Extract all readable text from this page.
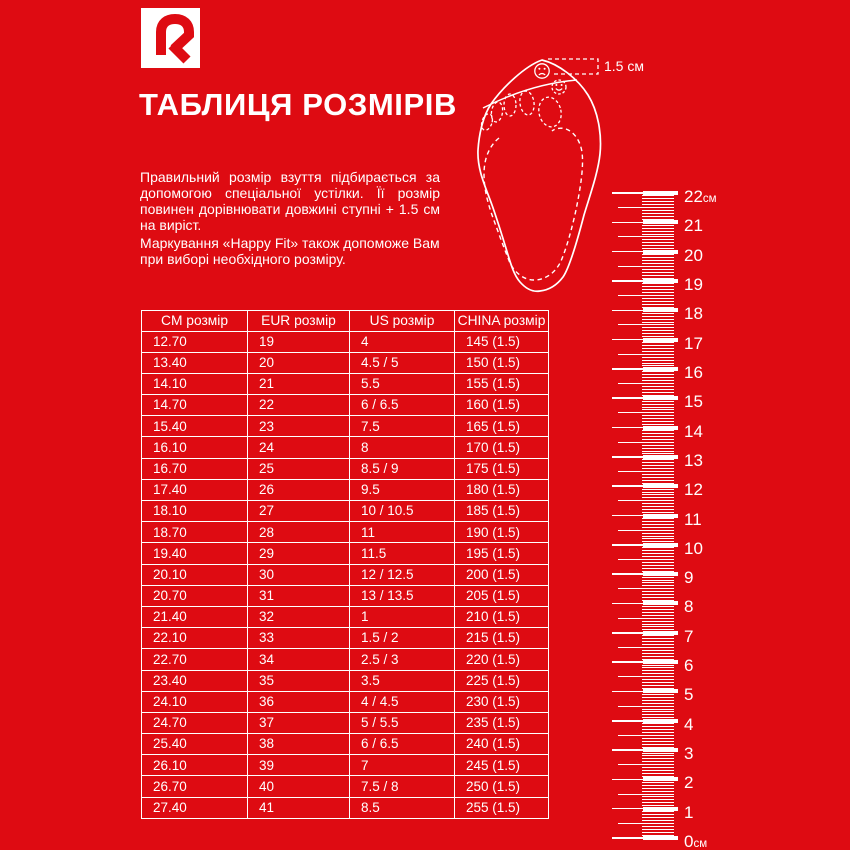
ТАБЛИЦЯ РОЗМІРІВ

Правильний розмір взуття підбирається за допомогою спеціальної устілки. Її розмір повинен дорівнювати довжині ступні + 1.5 см на виріст.

Маркування «Happy Fit» також допоможе Вам при виборі необхідного розміру.

1.5 см
22см
21
20
19
18
17
16
15
14
13
12
11
10
9
8
7
6
5
4
3
2
1
0см
CM розмір	EUR розмір	US розмір	CHINA розмір
12.70	19	4	145 (1.5)
13.40	20	4.5 / 5	150 (1.5)
14.10	21	5.5	155 (1.5)
14.70	22	6 / 6.5	160 (1.5)
15.40	23	7.5	165 (1.5)
16.10	24	8	170 (1.5)
16.70	25	8.5 / 9	175 (1.5)
17.40	26	9.5	180 (1.5)
18.10	27	10 / 10.5	185 (1.5)
18.70	28	11	190 (1.5)
19.40	29	11.5	195 (1.5)
20.10	30	12 / 12.5	200 (1.5)
20.70	31	13 / 13.5	205 (1.5)
21.40	32	1	210 (1.5)
22.10	33	1.5 / 2	215 (1.5)
22.70	34	2.5 / 3	220 (1.5)
23.40	35	3.5	225 (1.5)
24.10	36	4 / 4.5	230 (1.5)
24.70	37	5 / 5.5	235 (1.5)
25.40	38	6 / 6.5	240 (1.5)
26.10	39	7	245 (1.5)
26.70	40	7.5 / 8	250 (1.5)
27.40	41	8.5	255 (1.5)
